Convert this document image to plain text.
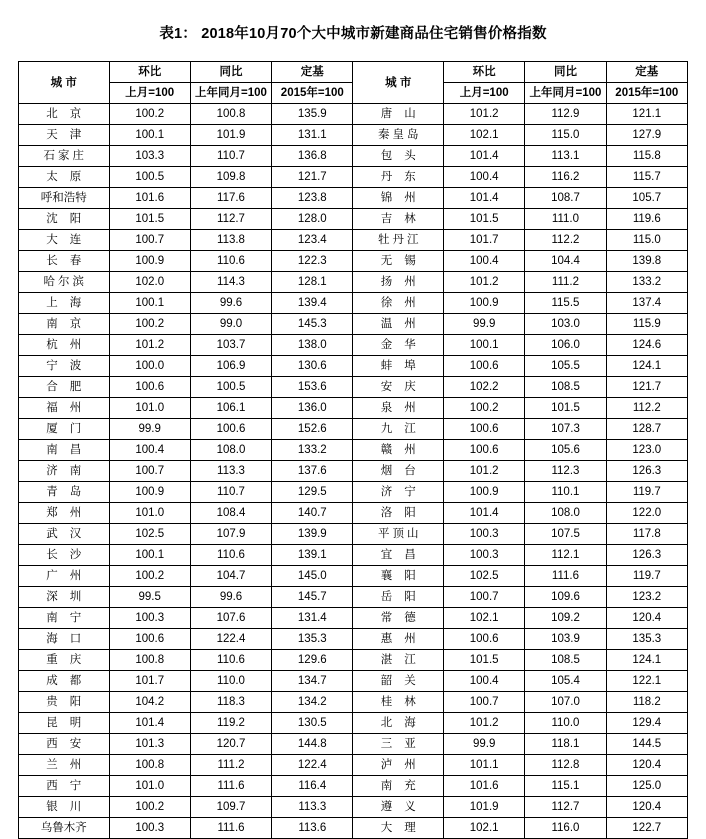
表1： 2018年10月70个大中城市新建商品住宅销售价格指数
城 市	环比	同比	定基	城 市	环比	同比	定基
	上月=100	上年同月=100	2015年=100		上月=100	上年同月=100	2015年=100
北京	100.2	100.8	135.9	唐山	101.2	112.9	121.1
天津	100.1	101.9	131.1	秦皇岛	102.1	115.0	127.9
石家庄	103.3	110.7	136.8	包头	101.4	113.1	115.8
太原	100.5	109.8	121.7	丹东	100.4	116.2	115.7
呼和浩特	101.6	117.6	123.8	锦州	101.4	108.7	105.7
沈阳	101.5	112.7	128.0	吉林	101.5	111.0	119.6
大连	100.7	113.8	123.4	牡丹江	101.7	112.2	115.0
长春	100.9	110.6	122.3	无锡	100.4	104.4	139.8
哈尔滨	102.0	114.3	128.1	扬州	101.2	111.2	133.2
上海	100.1	99.6	139.4	徐州	100.9	115.5	137.4
南京	100.2	99.0	145.3	温州	99.9	103.0	115.9
杭州	101.2	103.7	138.0	金华	100.1	106.0	124.6
宁波	100.0	106.9	130.6	蚌埠	100.6	105.5	124.1
合肥	100.6	100.5	153.6	安庆	102.2	108.5	121.7
福州	101.0	106.1	136.0	泉州	100.2	101.5	112.2
厦门	99.9	100.6	152.6	九江	100.6	107.3	128.7
南昌	100.4	108.0	133.2	赣州	100.6	105.6	123.0
济南	100.7	113.3	137.6	烟台	101.2	112.3	126.3
青岛	100.9	110.7	129.5	济宁	100.9	110.1	119.7
郑州	101.0	108.4	140.7	洛阳	101.4	108.0	122.0
武汉	102.5	107.9	139.9	平顶山	100.3	107.5	117.8
长沙	100.1	110.6	139.1	宜昌	100.3	112.1	126.3
广州	100.2	104.7	145.0	襄阳	102.5	111.6	119.7
深圳	99.5	99.6	145.7	岳阳	100.7	109.6	123.2
南宁	100.3	107.6	131.4	常德	102.1	109.2	120.4
海口	100.6	122.4	135.3	惠州	100.6	103.9	135.3
重庆	100.8	110.6	129.6	湛江	101.5	108.5	124.1
成都	101.7	110.0	134.7	韶关	100.4	105.4	122.1
贵阳	104.2	118.3	134.2	桂林	100.7	107.0	118.2
昆明	101.4	119.2	130.5	北海	101.2	110.0	129.4
西安	101.3	120.7	144.8	三亚	99.9	118.1	144.5
兰州	100.8	111.2	122.4	泸州	101.1	112.8	120.4
西宁	101.0	111.6	116.4	南充	101.6	115.1	125.0
银川	100.2	109.7	113.3	遵义	101.9	112.7	120.4
乌鲁木齐	100.3	111.6	113.6	大理	102.1	116.0	122.7
